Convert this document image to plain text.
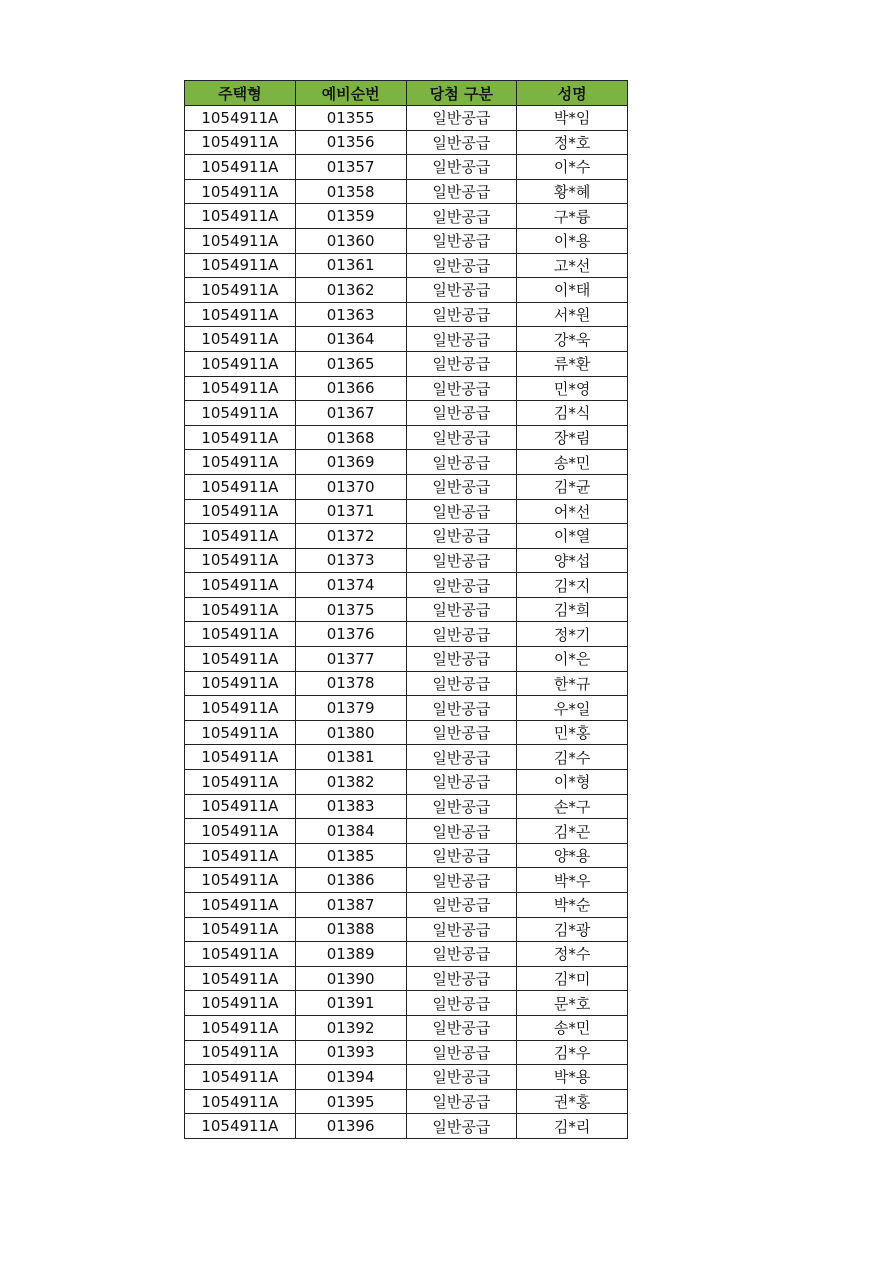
주택형	예비순번	당첨 구분	성명
1054911A	01355	일반공급	박*임
1054911A	01356	일반공급	정*호
1054911A	01357	일반공급	이*수
1054911A	01358	일반공급	황*혜
1054911A	01359	일반공급	구*륭
1054911A	01360	일반공급	이*용
1054911A	01361	일반공급	고*선
1054911A	01362	일반공급	이*태
1054911A	01363	일반공급	서*원
1054911A	01364	일반공급	강*욱
1054911A	01365	일반공급	류*환
1054911A	01366	일반공급	민*영
1054911A	01367	일반공급	김*식
1054911A	01368	일반공급	장*림
1054911A	01369	일반공급	송*민
1054911A	01370	일반공급	김*균
1054911A	01371	일반공급	어*선
1054911A	01372	일반공급	이*열
1054911A	01373	일반공급	양*섭
1054911A	01374	일반공급	김*지
1054911A	01375	일반공급	김*희
1054911A	01376	일반공급	정*기
1054911A	01377	일반공급	이*은
1054911A	01378	일반공급	한*규
1054911A	01379	일반공급	우*일
1054911A	01380	일반공급	민*홍
1054911A	01381	일반공급	김*수
1054911A	01382	일반공급	이*형
1054911A	01383	일반공급	손*구
1054911A	01384	일반공급	김*곤
1054911A	01385	일반공급	양*용
1054911A	01386	일반공급	박*우
1054911A	01387	일반공급	박*순
1054911A	01388	일반공급	김*광
1054911A	01389	일반공급	정*수
1054911A	01390	일반공급	김*미
1054911A	01391	일반공급	문*호
1054911A	01392	일반공급	송*민
1054911A	01393	일반공급	김*우
1054911A	01394	일반공급	박*용
1054911A	01395	일반공급	권*홍
1054911A	01396	일반공급	김*리
